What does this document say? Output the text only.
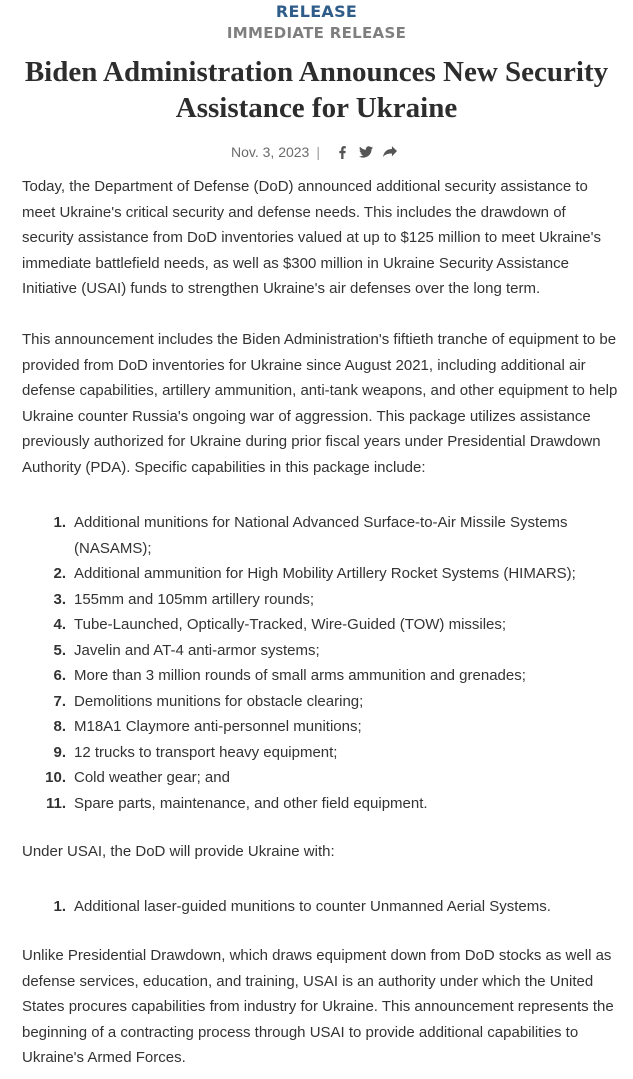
RELEASE
IMMEDIATE RELEASE
Biden Administration Announces New Security Assistance for Ukraine
Nov. 3, 2023 |

Today, the Department of Defense (DoD) announced additional security assistance to meet Ukraine's critical security and defense needs. This includes the drawdown of security assistance from DoD inventories valued at up to $125 million to meet Ukraine's immediate battlefield needs, as well as $300 million in Ukraine Security Assistance Initiative (USAI) funds to strengthen Ukraine's air defenses over the long term.

This announcement includes the Biden Administration's fiftieth tranche of equipment to be provided from DoD inventories for Ukraine since August 2021, including additional air defense capabilities, artillery ammunition, anti-tank weapons, and other equipment to help Ukraine counter Russia's ongoing war of aggression. This package utilizes assistance previously authorized for Ukraine during prior fiscal years under Presidential Drawdown Authority (PDA). Specific capabilities in this package include:

1. Additional munitions for National Advanced Surface-to-Air Missile Systems (NASAMS);
2. Additional ammunition for High Mobility Artillery Rocket Systems (HIMARS);
3. 155mm and 105mm artillery rounds;
4. Tube-Launched, Optically-Tracked, Wire-Guided (TOW) missiles;
5. Javelin and AT-4 anti-armor systems;
6. More than 3 million rounds of small arms ammunition and grenades;
7. Demolitions munitions for obstacle clearing;
8. M18A1 Claymore anti-personnel munitions;
9. 12 trucks to transport heavy equipment;
10. Cold weather gear; and
11. Spare parts, maintenance, and other field equipment.

Under USAI, the DoD will provide Ukraine with:

1. Additional laser-guided munitions to counter Unmanned Aerial Systems.

Unlike Presidential Drawdown, which draws equipment down from DoD stocks as well as defense services, education, and training, USAI is an authority under which the United States procures capabilities from industry for Ukraine. This announcement represents the beginning of a contracting process through USAI to provide additional capabilities to Ukraine's Armed Forces.
